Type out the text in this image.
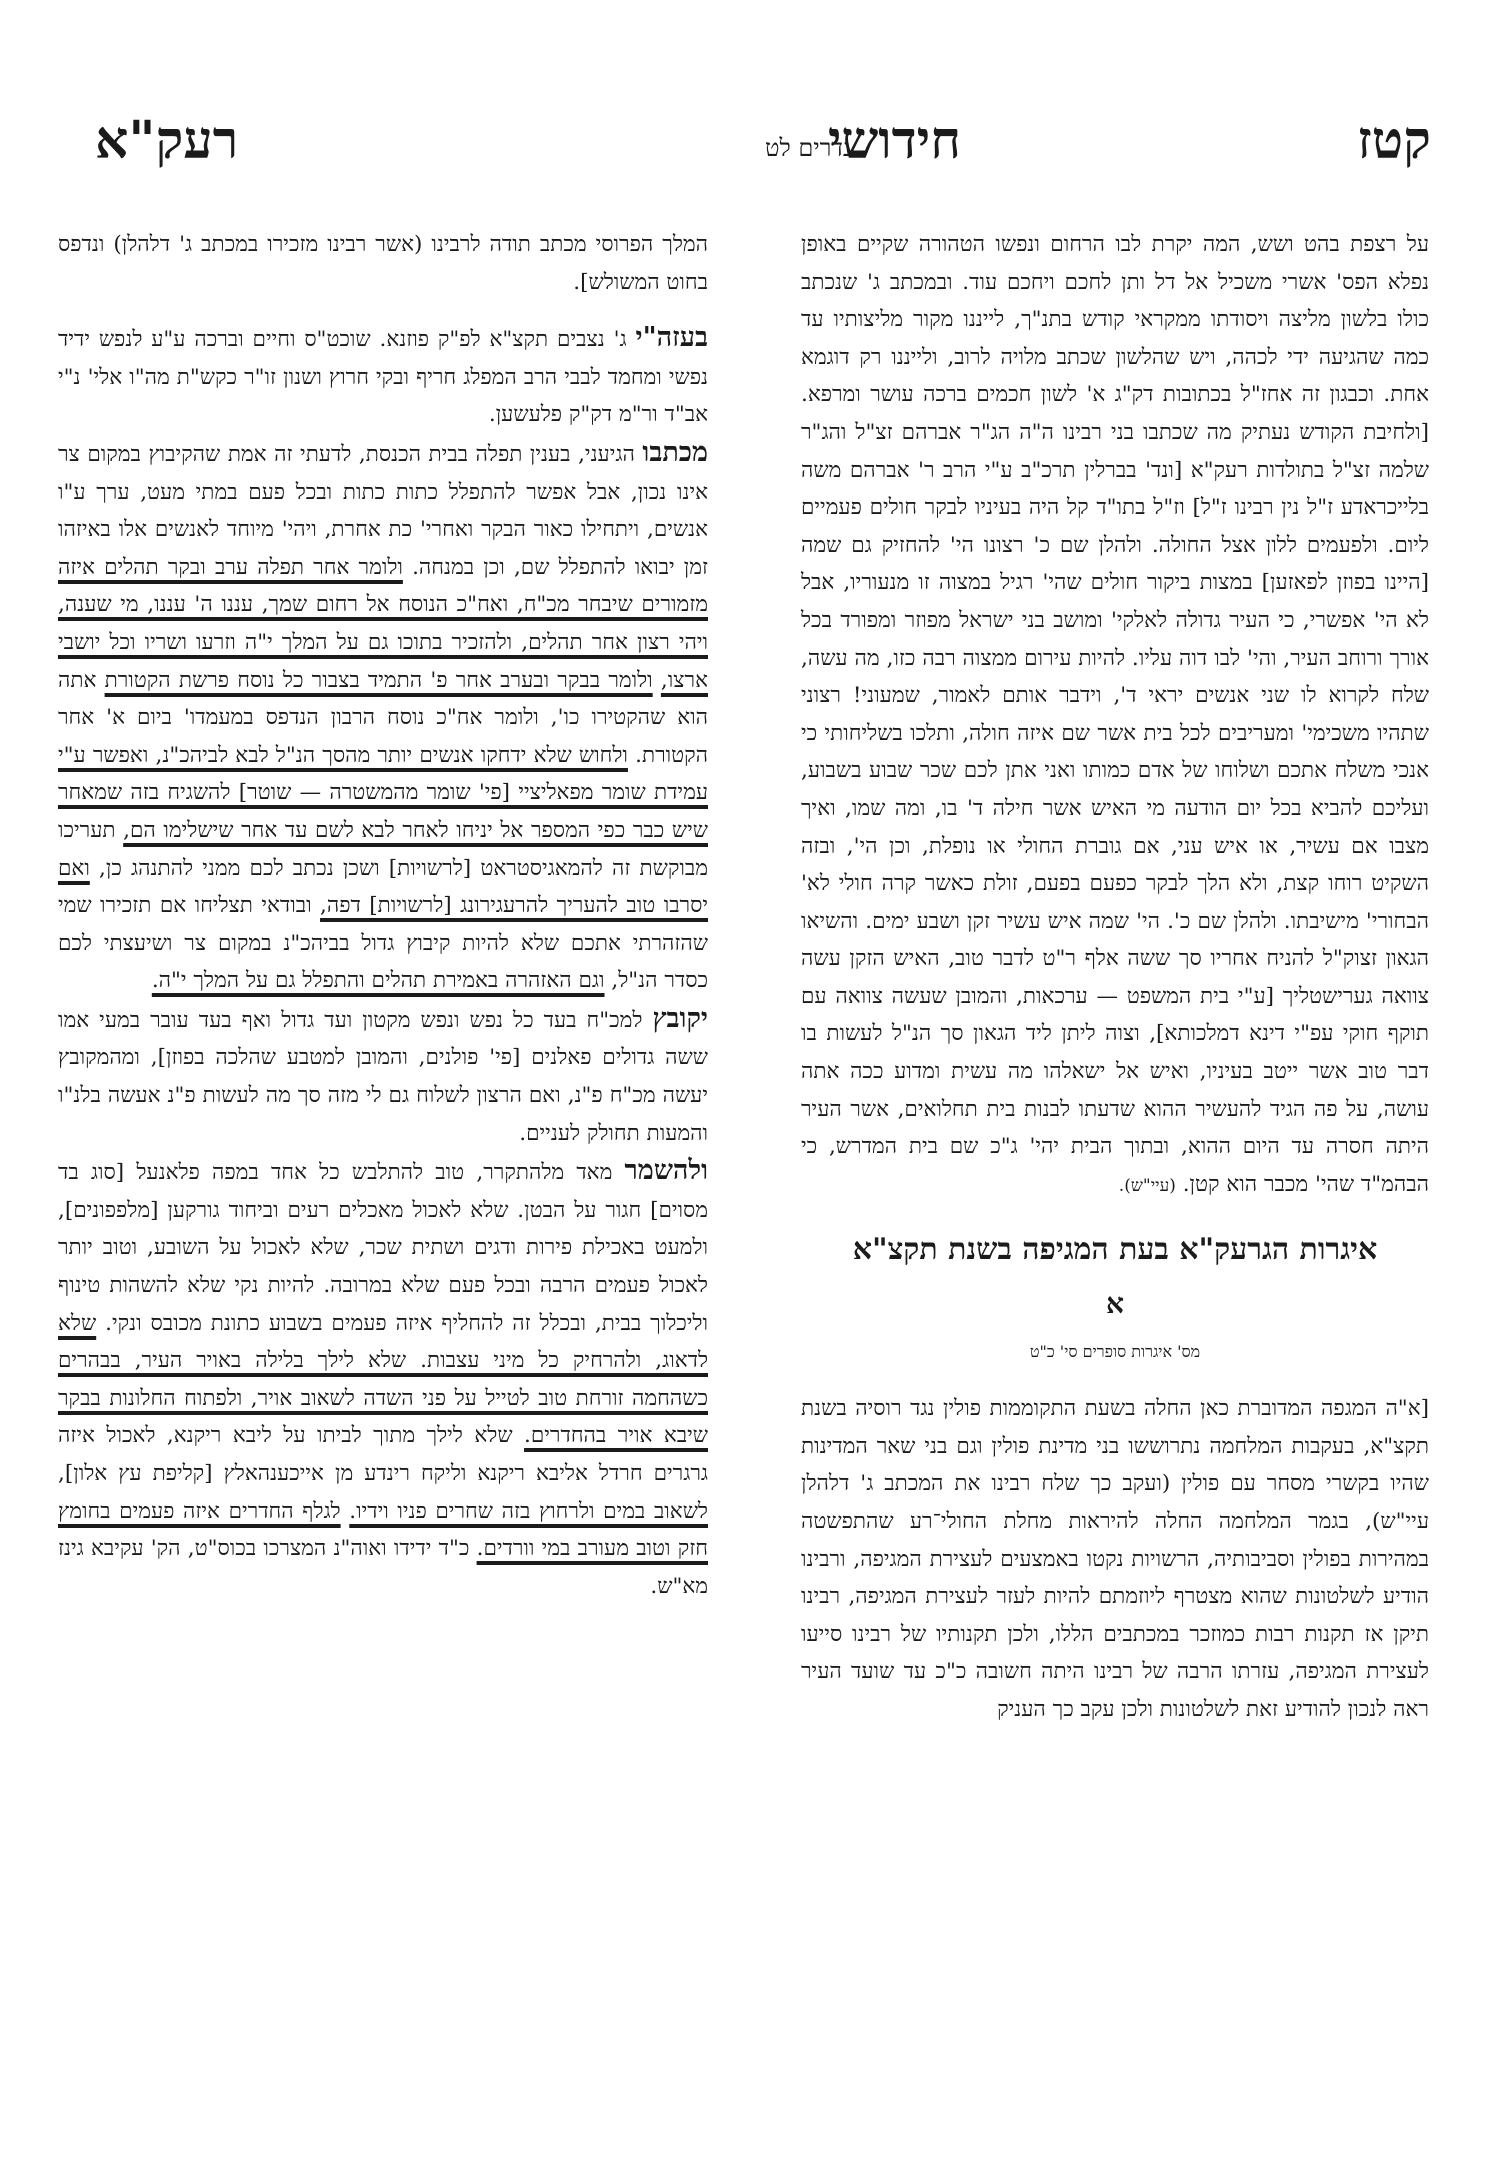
קטז
חידושי
נדרים לט
רעק"א

על רצפת בהט ושש, המה יקרת לבו הרחום ונפשו הטהורה שקיים באופן נפלא הפס' אשרי משכיל אל דל ותן לחכם ויחכם עוד. ובמכתב ג' שנכתב כולו בלשון מליצה ויסודתו ממקראי קודש בתנ"ך, לייננו מקור מליצותיו עד כמה שהגיעה ידי לכהה, ויש שהלשון שכתב מלויה לרוב, ולייננו רק דוגמא אחת. וכבגון זה אחז"ל בכתובות דק"ג א' לשון חכמים ברכה עושר ומרפא. [ולחיבת הקודש נעתיק מה שכתבו בני רבינו ה"ה הג"ר אברהם זצ"ל והג"ר שלמה זצ"ל בתולדות רעק"א [ונד' בברלין תרכ"ב ע"י הרב ר' אברהם משה בלייכראדע ז"ל נין רבינו ז"ל] וז"ל בתו"ד קל היה בעיניו לבקר חולים פעמיים ליום. ולפעמים ללון אצל החולה. ולהלן שם כ' רצונו הי' להחזיק גם שמה [היינו בפוזן לפאזען] במצות ביקור חולים שהי' רגיל במצוה זו מנעוריו, אבל לא הי' אפשרי, כי העיר גדולה לאלקי' ומושב בני ישראל מפוזר ומפורד בכל אורך ורוחב העיר, והי' לבו דוה עליו. להיות עירום ממצוה רבה כזו, מה עשה, שלח לקרוא לו שני אנשים יראי ד', וידבר אותם לאמור, שמעוני! רצוני שתהיו משכימי' ומעריבים לכל בית אשר שם איזה חולה, ותלכו בשליחותי כי אנכי משלח אתכם ושלוחו של אדם כמותו ואני אתן לכם שכר שבוע בשבוע, ועליכם להביא בכל יום הודעה מי האיש אשר חילה ד' בו, ומה שמו, ואיך מצבו אם עשיר, או איש עני, אם גוברת החולי או נופלת, וכן הי', ובזה השקיט רוחו קצת, ולא הלך לבקר כפעם בפעם, זולת כאשר קרה חולי לא' הבחורי' מישיבתו. ולהלן שם כ'. הי' שמה איש עשיר זקן ושבע ימים. והשיאו הגאון זצוק"ל להניח אחריו סך ששה אלף ר"ט לדבר טוב, האיש הזקן עשה צוואה גערישטליך [ע"י בית המשפט — ערכאות, והמובן שעשה צוואה עם תוקף חוקי עפ"י דינא דמלכותא], וצוה ליתן ליד הגאון סך הנ"ל לעשות בו דבר טוב אשר ייטב בעיניו, ואיש אל ישאלהו מה עשית ומדוע ככה אתה עושה, על פה הגיד להעשיר ההוא שדעתו לבנות בית תחלואים, אשר העיר היתה חסרה עד היום ההוא, ובתוך הבית יהי' ג"כ שם בית המדרש, כי הבהמ"ד שהי' מכבר הוא קטן. (עיי"ש).

איגרות הגרעק"א בעת המגיפה בשנת תקצ"א
א
מס' איגרות סופרים סי' כ"ט

[א"ה המגפה המדוברת כאן החלה בשעת התקוממות פולין נגד רוסיה בשנת תקצ"א, בעקבות המלחמה נתרוששו בני מדינת פולין וגם בני שאר המדינות שהיו בקשרי מסחר עם פולין (ועקב כך שלח רבינו את המכתב ג' דלהלן עיי"ש), בגמר המלחמה החלה להיראות מחלת החולי־רע שהתפשטה במהירות בפולין וסביבותיה, הרשויות נקטו באמצעים לעצירת המגיפה, ורבינו הודיע לשלטונות שהוא מצטרף ליוזמתם להיות לעזר לעצירת המגיפה, רבינו תיקן אז תקנות רבות כמוזכר במכתבים הללו, ולכן תקנותיו של רבינו סייעו לעצירת המגיפה, עזרתו הרבה של רבינו היתה חשובה כ"כ עד שועד העיר ראה לנכון להודיע זאת לשלטונות ולכן עקב כך העניק

המלך הפרוסי מכתב תודה לרבינו (אשר רבינו מזכירו במכתב ג' דלהלן) ונדפס בחוט המשולש].

בעזה"י ג' נצבים תקצ"א לפ"ק פוזנא. שוכט"ס וחיים וברכה ע"ע לנפש ידיד נפשי ומחמד לבבי הרב המפלג חריף ובקי חרוץ ושנון זו"ר כקש"ת מה"ו אלי' נ"י אב"ד ור"מ דק"ק פלעשען.

מכתבו הגיעני, בענין תפלה בבית הכנסת, לדעתי זה אמת שהקיבוץ במקום צר אינו נכון, אבל אפשר להתפלל כתות כתות ובכל פעם במתי מעט, ערך ע"ו אנשים, ויתחילו כאור הבקר ואחרי' כת אחרת, ויהי' מיוחד לאנשים אלו באיזהו זמן יבואו להתפלל שם, וכן במנחה. ולומר אחר תפלה ערב ובקר תהלים איזה מזמורים שיבחר מכ"ח, ואח"כ הנוסח אל רחום שמך, עננו ה' עננו, מי שענה, ויהי רצון אחר תהלים, ולהזכיר בתוכו גם על המלך י"ה וזרעו ושריו וכל יושבי ארצו, ולומר בבקר ובערב אחר פ' התמיד בצבור כל נוסח פרשת הקטורת אתה הוא שהקטירו כו', ולומר אח"כ נוסח הרבון הנדפס במעמדו' ביום א' אחר הקטורת. ולחוש שלא ידחקו אנשים יותר מהסך הנ"ל לבא לביהכ"נ, ואפשר ע"י עמידת שומר מפאליציי [פי' שומר מהמשטרה — שוטר] להשגיח בזה שמאחר שיש כבר כפי המספר אל יניחו לאחר לבא לשם עד אחר שישלימו הם, תעריכו מבוקשת זה להמאגיסטראט [לרשויות] ושכן נכתב לכם ממני להתנהג כן, ואם יסרבו טוב להעריך להרעגירונג [לרשויות] דפה, ובודאי תצליחו אם תזכירו שמי שהזהרתי אתכם שלא להיות קיבוץ גדול בביהכ"נ במקום צר ושיעצתי לכם כסדר הנ"ל, וגם האזהרה באמירת תהלים והתפלל גם על המלך י"ה.

יקובץ למכ"ח בעד כל נפש ונפש מקטון ועד גדול ואף בעד עובר במעי אמו ששה גדולים פאלנים [פי' פולנים, והמובן למטבע שהלכה בפוזן], ומהמקובץ יעשה מכ"ח פ"נ, ואם הרצון לשלוח גם לי מזה סך מה לעשות פ"נ אעשה בלנ"ו והמעות תחולק לעניים.

ולהשמר מאד מלהתקרר, טוב להתלבש כל אחד במפה פלאנעל [סוג בד מסוים] חגור על הבטן. שלא לאכול מאכלים רעים וביחוד גורקען [מלפפונים], ולמעט באכילת פירות ודגים ושתית שכר, שלא לאכול על השובע, וטוב יותר לאכול פעמים הרבה ובכל פעם שלא במרובה. להיות נקי שלא להשהות טינוף וליכלוך בבית, ובכלל זה להחליף איזה פעמים בשבוע כתונת מכובס ונקי. שלא לדאוג, ולהרחיק כל מיני עצבות. שלא לילך בלילה באויר העיר, בבהרים כשהחמה זורחת טוב לטייל על פני השדה לשאוב אויר, ולפתוח החלונות בבקר שיבא אויר בהחדרים. שלא לילך מתוך לביתו על ליבא ריקנא, לאכול איזה גרגרים חרדל אליבא ריקנא וליקח רינדע מן אייכענהאלץ [קליפת עץ אלון], לשאוב במים ולרחוץ בזה שחרים פניו וידיו. לגלף החדרים איזה פעמים בחומץ חזק וטוב מעורב במי וורדים. כ"ד ידידו ואוה"נ המצרכו בכוס"ט, הק' עקיבא גינז מא"ש.
